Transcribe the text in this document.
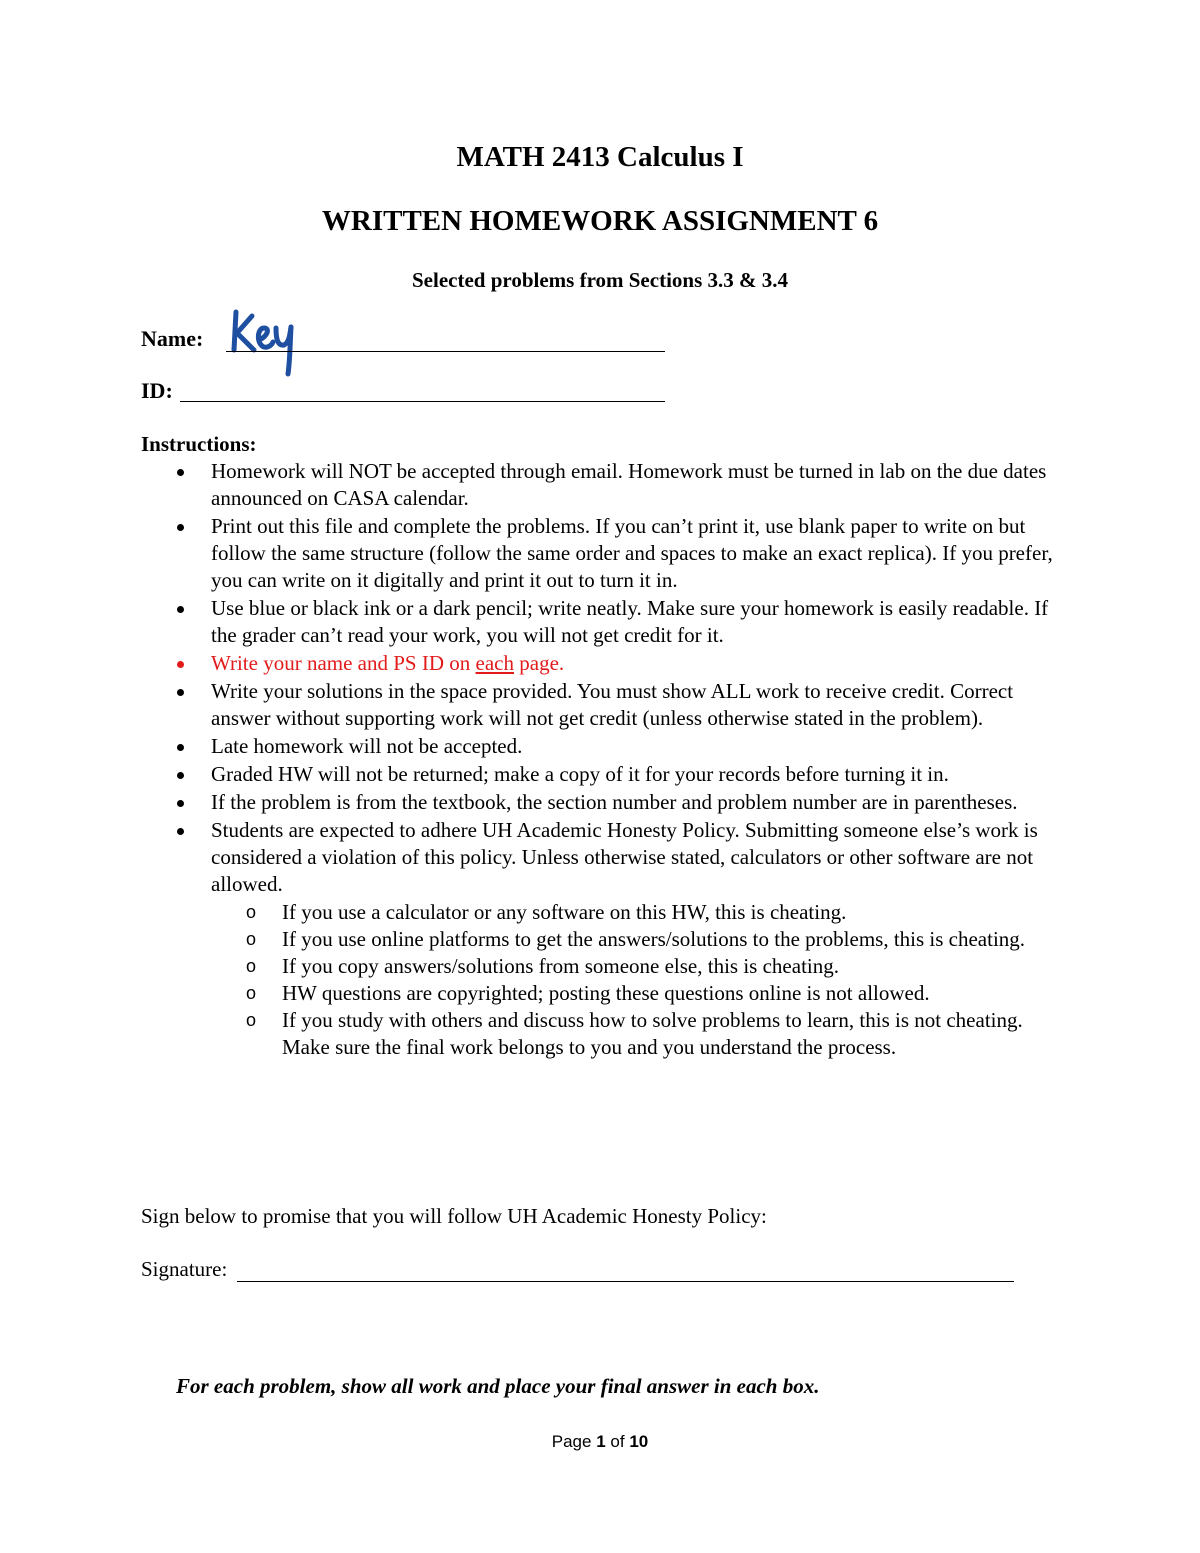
MATH 2413 Calculus I
WRITTEN HOMEWORK ASSIGNMENT 6
Selected problems from Sections 3.3 & 3.4
Name:
Key
ID:
Instructions:
Homework will NOT be accepted through email. Homework must be turned in lab on the due dates announced on CASA calendar.
Print out this file and complete the problems. If you can’t print it, use blank paper to write on but follow the same structure (follow the same order and spaces to make an exact replica). If you prefer, you can write on it digitally and print it out to turn it in.
Use blue or black ink or a dark pencil; write neatly. Make sure your homework is easily readable. If the grader can’t read your work, you will not get credit for it.
Write your name and PS ID on each page.
Write your solutions in the space provided. You must show ALL work to receive credit. Correct answer without supporting work will not get credit (unless otherwise stated in the problem).
Late homework will not be accepted.
Graded HW will not be returned; make a copy of it for your records before turning it in.
If the problem is from the textbook, the section number and problem number are in parentheses.
Students are expected to adhere UH Academic Honesty Policy. Submitting someone else’s work is considered a violation of this policy. Unless otherwise stated, calculators or other software are not allowed.
o If you use a calculator or any software on this HW, this is cheating.
o If you use online platforms to get the answers/solutions to the problems, this is cheating.
o If you copy answers/solutions from someone else, this is cheating.
o HW questions are copyrighted; posting these questions online is not allowed.
o If you study with others and discuss how to solve problems to learn, this is not cheating. Make sure the final work belongs to you and you understand the process.
Sign below to promise that you will follow UH Academic Honesty Policy:
Signature:
For each problem, show all work and place your final answer in each box.
Page 1 of 10
